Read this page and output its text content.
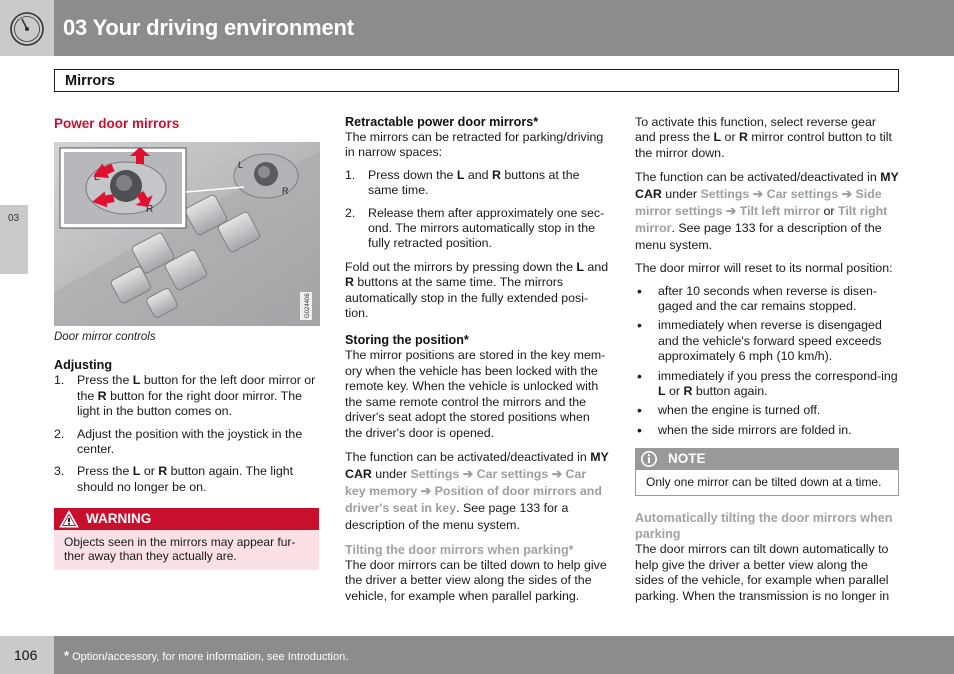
03 Your driving environment
Mirrors
03
Power door mirrors
L
R
L
R
G024406
Door mirror controls
Adjusting
1. Press the L button for the left door mirror or the R button for the right door mirror. The light in the button comes on.
2. Adjust the position with the joystick in the center.
3. Press the L or R button again. The light should no longer be on.
WARNING
Objects seen in the mirrors may appear fur-ther away than they actually are.
Retractable power door mirrors*

The mirrors can be retracted for parking/driving in narrow spaces:

1. Press down the L and R buttons at the same time.
2. Release them after approximately one sec-ond. The mirrors automatically stop in the fully retracted position.

Fold out the mirrors by pressing down the L and R buttons at the same time. The mirrors automatically stop in the fully extended posi-tion.

Storing the position*

The mirror positions are stored in the key mem-ory when the vehicle has been locked with the remote key. When the vehicle is unlocked with the same remote control the mirrors and the driver's seat adopt the stored positions when the driver's door is opened.

The function can be activated/deactivated in MY CAR under Settings ➔ Car settings ➔ Car key memory ➔ Position of door mirrors and driver's seat in key. See page 133 for a description of the menu system.

Tilting the door mirrors when parking*

The door mirrors can be tilted down to help give the driver a better view along the sides of the vehicle, for example when parallel parking.

To activate this function, select reverse gear and press the L or R mirror control button to tilt the mirror down.

The function can be activated/deactivated in MY CAR under Settings ➔ Car settings ➔ Side mirror settings ➔ Tilt left mirror or Tilt right mirror. See page 133 for a description of the menu system.

The door mirror will reset to its normal position:

• after 10 seconds when reverse is disen-gaged and the car remains stopped.
• immediately when reverse is disengaged and the vehicle's forward speed exceeds approximately 6 mph (10 km/h).
• immediately if you press the correspond-ing L or R button again.
• when the engine is turned off.
• when the side mirrors are folded in.
NOTE
Only one mirror can be tilted down at a time.
Automatically tilting the door mirrors when parking

The door mirrors can tilt down automatically to help give the driver a better view along the sides of the vehicle, for example when parallel parking. When the transmission is no longer in

106 * Option/accessory, for more information, see Introduction.
